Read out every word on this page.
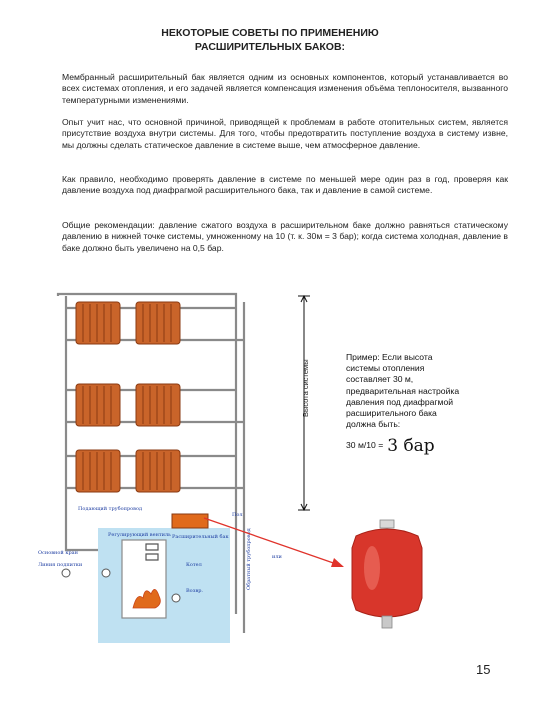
НЕКОТОРЫЕ СОВЕТЫ ПО ПРИМЕНЕНИЮ
РАСШИРИТЕЛЬНЫХ БАКОВ:

Мембранный расширительный бак является одним из основных компонентов, который устанавливается во всех системах отопления, и его задачей является компенсация изменения объёма теплоносителя, вызванного температурными изменениями.

Опыт учит нас, что основной причиной, приводящей к проблемам в работе отопительных систем, является присутствие воздуха внутри системы. Для того, чтобы предотвратить поступление воздуха в систему извне, мы должны сделать статическое давление в системе выше, чем атмосферное давление.

Как правило, необходимо проверять давление в системе по меньшей мере один раз в год, проверяя как давление воздуха под диафрагмой расширительного бака, так и давление в самой системе.

Общие рекомендации: давление сжатого воздуха в расширительном баке должно равняться статическому давлению в нижней точке системы, умноженному на 10 (т. к. 30м = 3 бар); когда система холодная, давление в баке должно быть увеличено на 0,5 бар.

Подающий трубопровод
Расширительный бак
Пол
Котел
Возвр.
Основной кран
Линия подпитки
Регулирующий вентиль	Обратный трубопровод	или
Высота системы
Пример: Если высота системы отопления составляет 30 м, предварительная настройка давления под диафрагмой расширительного бака должна быть:
30 м/10 = 3 бар
15
